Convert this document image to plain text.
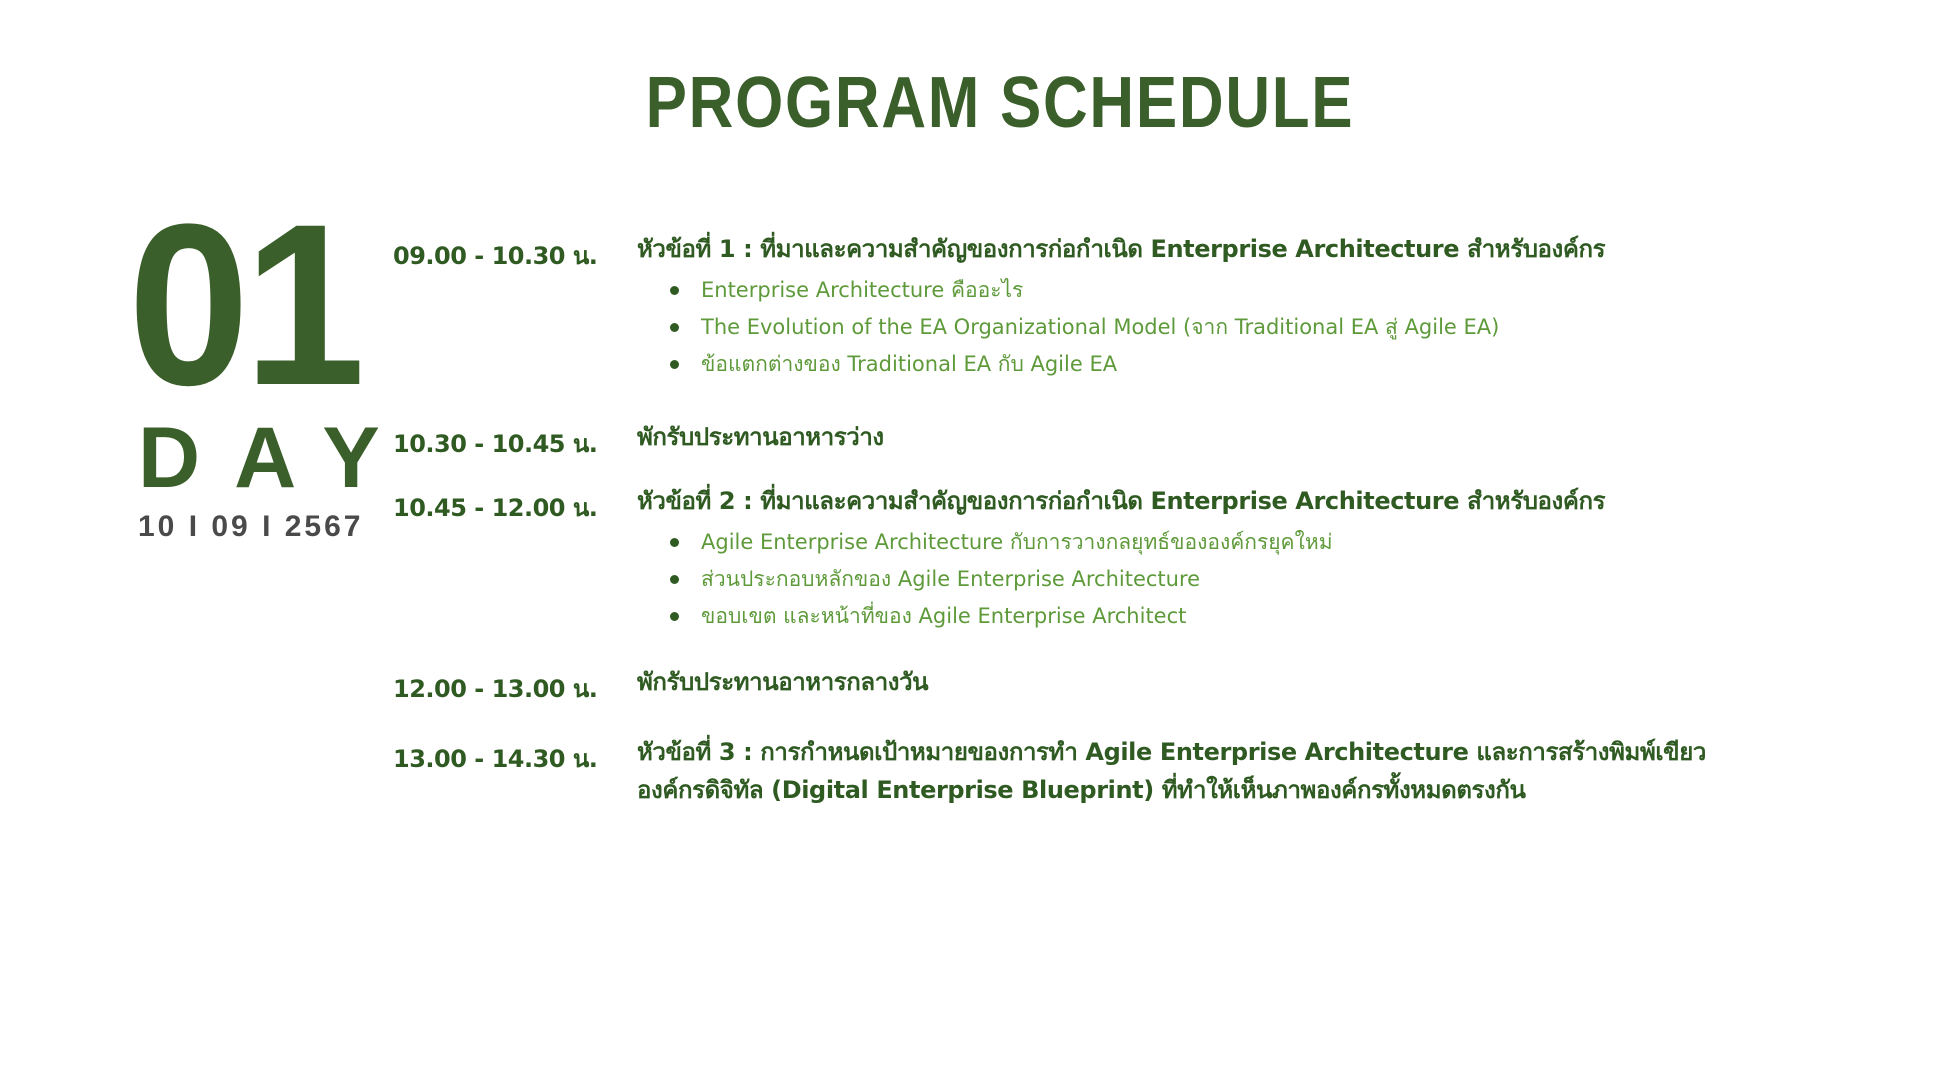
PROGRAM SCHEDULE
01
DAY
10 I 09 I 2567
09.00 - 10.30 น. หัวข้อที่ 1 : ที่มาและความสำคัญของการก่อกำเนิด Enterprise Architecture สำหรับองค์กร
Enterprise Architecture คืออะไร
The Evolution of the EA Organizational Model (จาก Traditional EA สู่ Agile EA)
ข้อแตกต่างของ Traditional EA กับ Agile EA
10.30 - 10.45 น. พักรับประทานอาหารว่าง
10.45 - 12.00 น. หัวข้อที่ 2 : ที่มาและความสำคัญของการก่อกำเนิด Enterprise Architecture สำหรับองค์กร
Agile Enterprise Architecture กับการวางกลยุทธ์ขององค์กรยุคใหม่
ส่วนประกอบหลักของ Agile Enterprise Architecture
ขอบเขต และหน้าที่ของ Agile Enterprise Architect
12.00 - 13.00 น. พักรับประทานอาหารกลางวัน
13.00 - 14.30 น. หัวข้อที่ 3 : การกำหนดเป้าหมายของการทำ Agile Enterprise Architecture และการสร้างพิมพ์เขียวองค์กรดิจิทัล (Digital Enterprise Blueprint) ที่ทำให้เห็นภาพองค์กรทั้งหมดตรงกัน
